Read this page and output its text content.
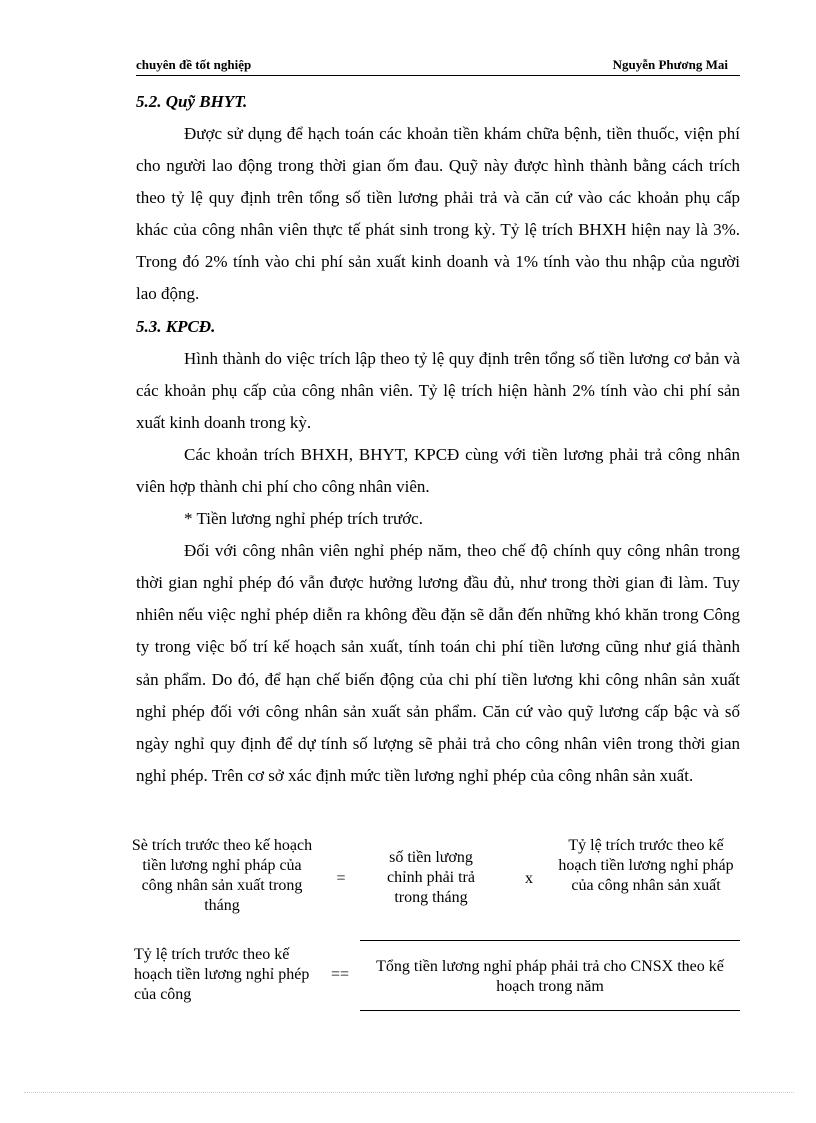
chuyên đề tốt nghiệp	Nguyễn Phương Mai

5.2. Quỹ BHYT.

Được sử dụng để hạch toán các khoản tiền khám chữa bệnh, tiền thuốc, viện phí cho người lao động trong thời gian ốm đau. Quỹ này được hình thành bằng cách trích theo tỷ lệ quy định trên tổng số tiền lương phải trả và căn cứ vào các khoản phụ cấp khác của công nhân viên thực tế phát sinh trong kỳ. Tỷ lệ trích BHXH hiện nay là 3%. Trong đó 2% tính vào chi phí sản xuất kinh doanh và 1% tính vào thu nhập của người lao động.

5.3. KPCĐ.

Hình thành do việc trích lập theo tỷ lệ quy định trên tổng số tiền lương cơ bản và các khoản phụ cấp của công nhân viên. Tỷ lệ trích hiện hành 2% tính vào chi phí sản xuất kinh doanh trong kỳ.

Các khoản trích BHXH, BHYT, KPCĐ cùng với tiền lương phải trả công nhân viên hợp thành chi phí cho công nhân viên.

* Tiền lương nghỉ phép trích trước.

Đối với công nhân viên nghỉ phép năm, theo chế độ chính quy công nhân trong thời gian nghỉ phép đó vẫn được hưởng lương đầu đủ, như trong thời gian đi làm. Tuy nhiên nếu việc nghỉ phép diễn ra không đều đặn sẽ dẫn đến những khó khăn trong Công ty trong việc bố trí kế hoạch sản xuất, tính toán chi phí tiền lương cũng như giá thành sản phẩm. Do đó, để hạn chế biến động của chi phí tiền lương khi công nhân sản xuất nghỉ phép đối với công nhân sản xuất sản phẩm. Căn cứ vào quỹ lương cấp bậc và số ngày nghỉ quy định để dự tính số lượng sẽ phải trả cho công nhân viên trong thời gian nghỉ phép. Trên cơ sở xác định mức tiền lương nghỉ phép của công nhân sản xuất.

Sè trích trước theo kế hoạch tiền lương nghỉ pháp của công nhân sản xuất trong tháng
=
số tiền lương chỉnh phải trả trong tháng
x
Tỷ lệ trích trước theo kế hoạch tiền lương nghỉ pháp của công nhân sản xuất
Tỷ lệ trích trước theo kế hoạch tiền lương nghỉ phép của công
==	Tổng tiền lương nghỉ pháp phải trả cho CNSX theo kế hoạch trong năm
